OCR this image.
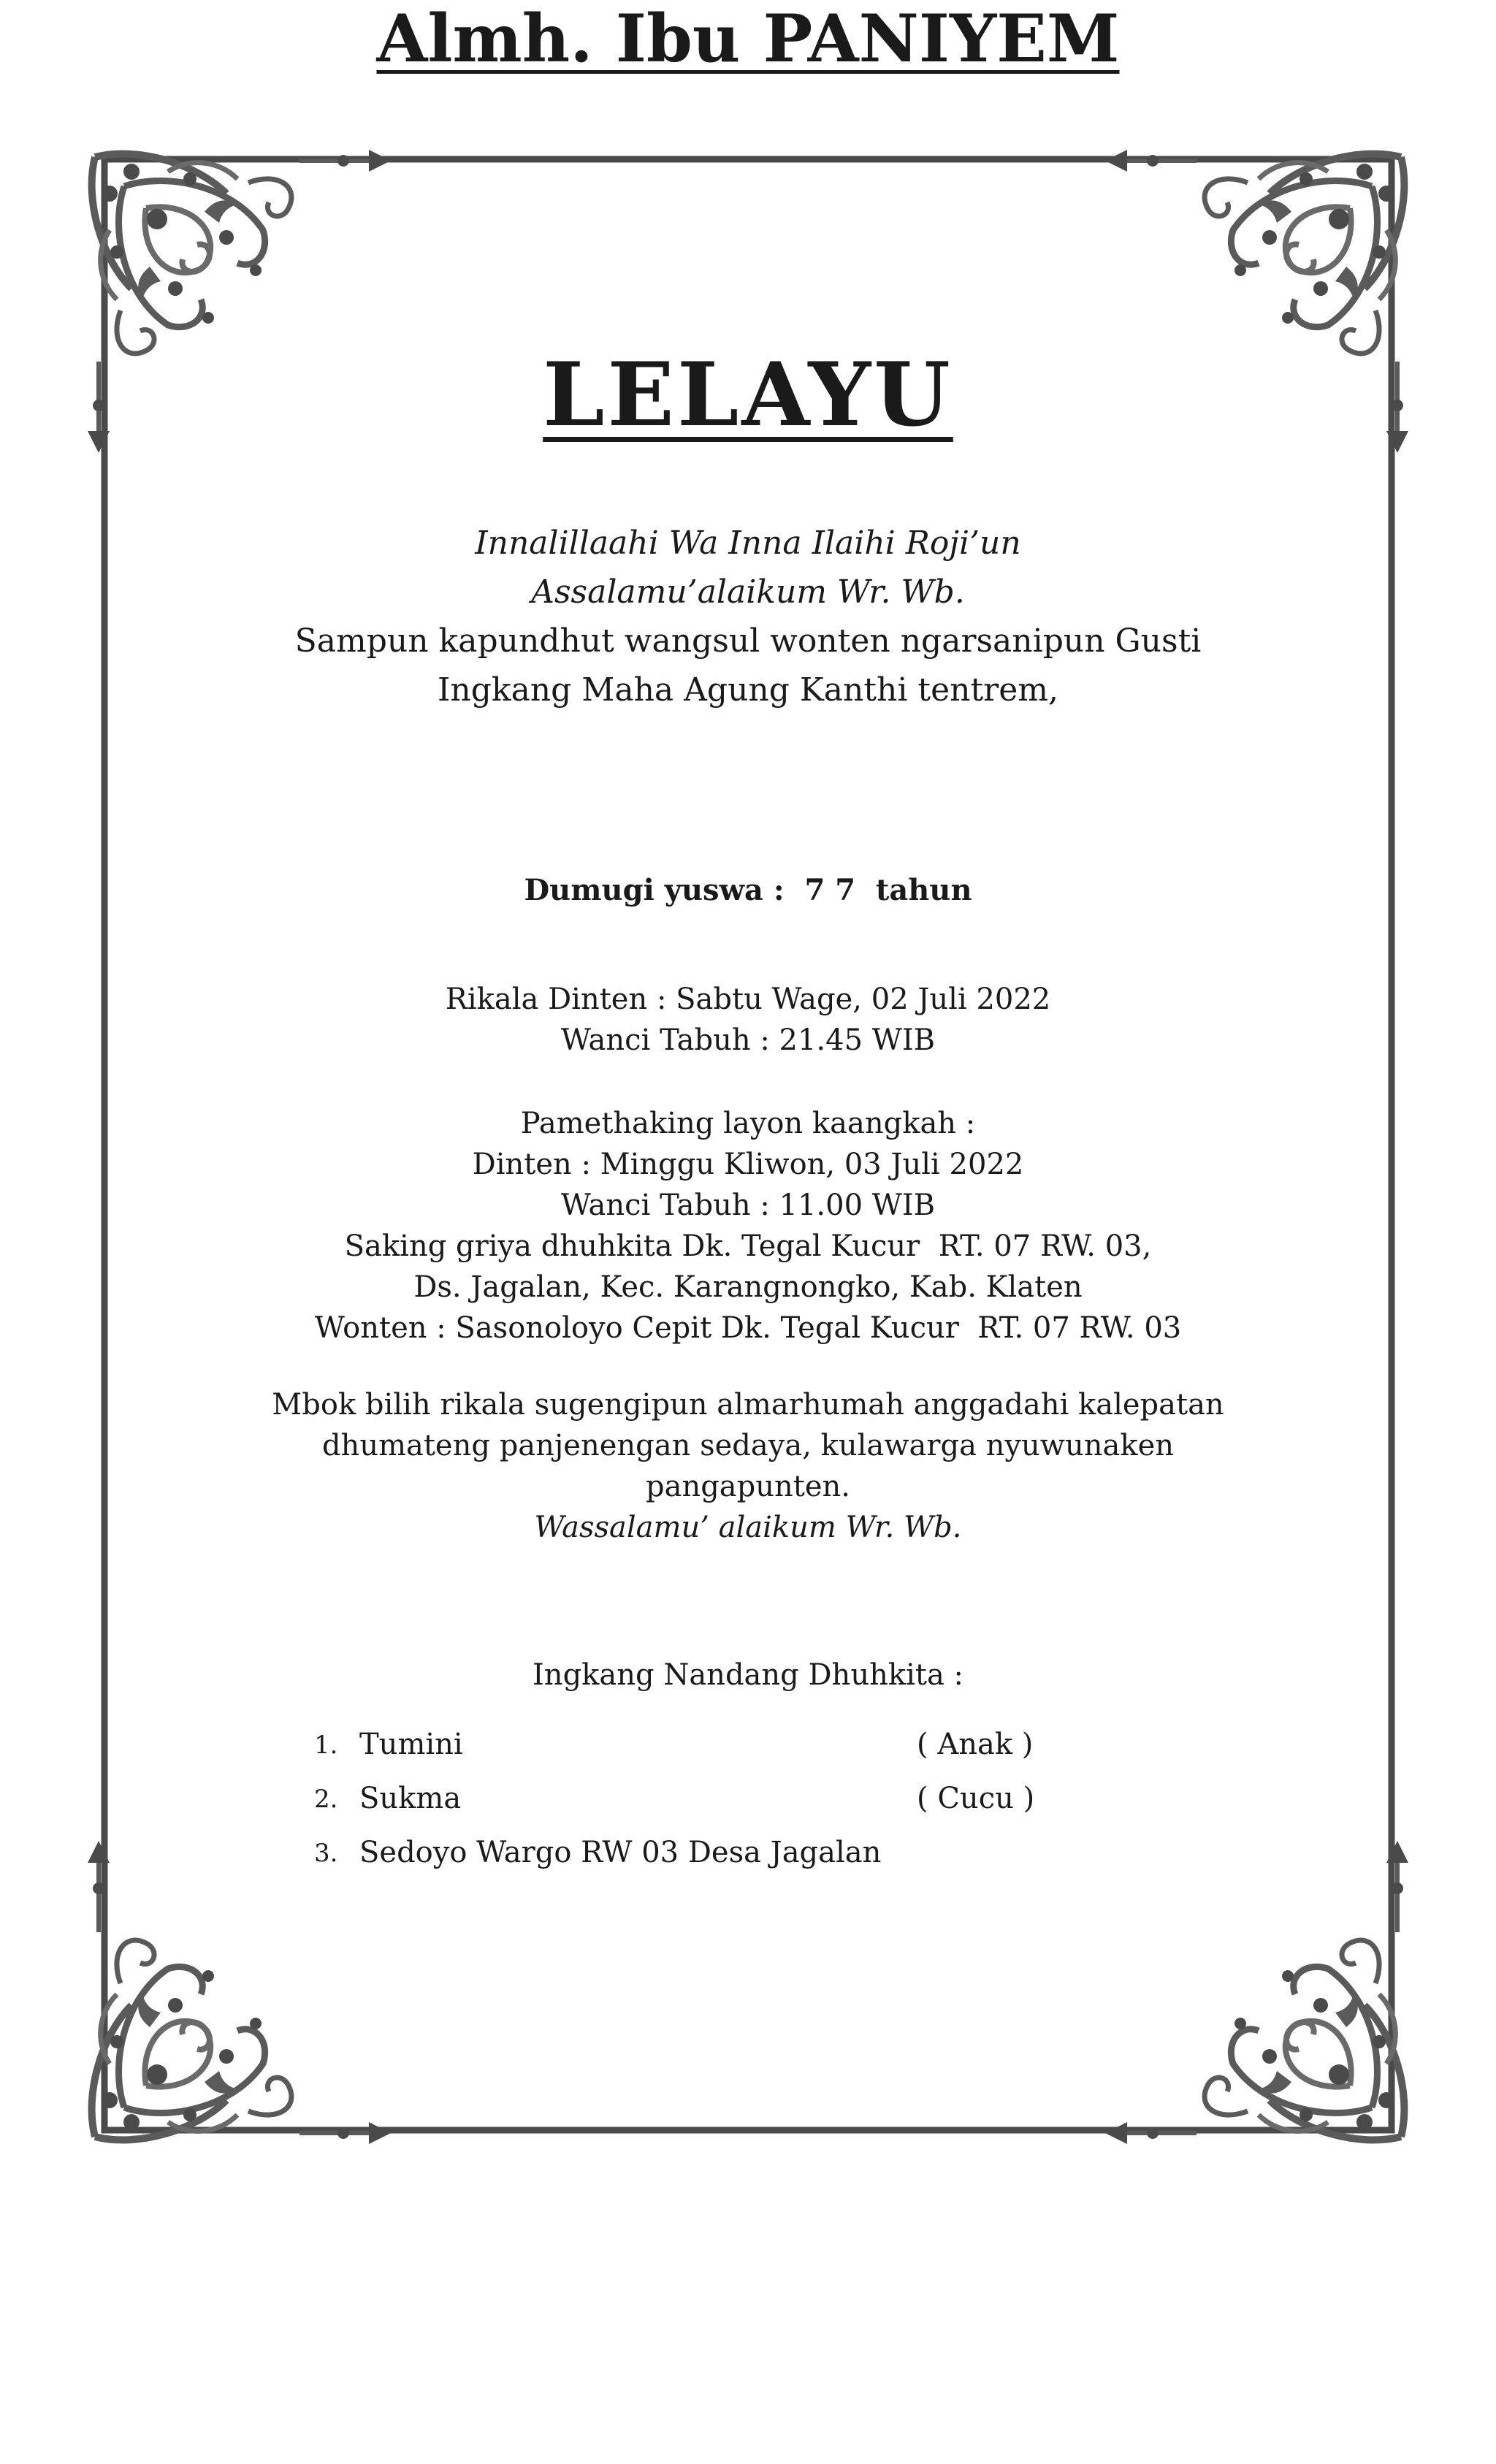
LELAYU
Innalillaahi Wa Inna Ilaihi Roji’un
Assalamu’alaikum Wr. Wb.
Sampun kapundhut wangsul wonten ngarsanipun Gusti
Ingkang Maha Agung Kanthi tentrem,
Almh. Ibu PANIYEM
Dumugi yuswa :  7 7  tahun
Rikala Dinten : Sabtu Wage, 02 Juli 2022
Wanci Tabuh : 21.45 WIB
Pamethaking layon kaangkah :
Dinten : Minggu Kliwon, 03 Juli 2022
Wanci Tabuh : 11.00 WIB
Saking griya dhuhkita Dk. Tegal Kucur  RT. 07 RW. 03,
Ds. Jagalan, Kec. Karangnongko, Kab. Klaten
Wonten : Sasonoloyo Cepit Dk. Tegal Kucur  RT. 07 RW. 03
Mbok bilih rikala sugengipun almarhumah anggadahi kalepatan
dhumateng panjenengan sedaya, kulawarga nyuwunaken
pangapunten.
Wassalamu’ alaikum Wr. Wb.
Ingkang Nandang Dhuhkita :
1. Tumini	( Anak )
2. Sukma	( Cucu )
3. Sedoyo Wargo RW 03 Desa Jagalan
